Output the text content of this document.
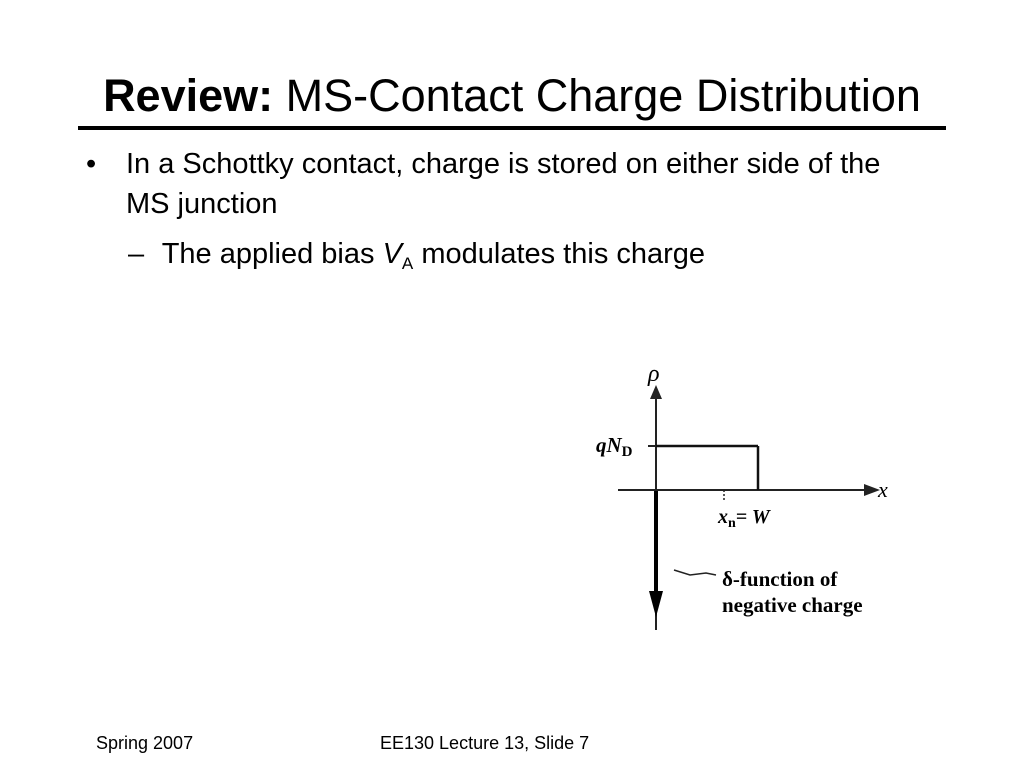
Review: MS-Contact Charge Distribution
• In a Schottky contact, charge is stored on either side of the MS junction
– The applied bias $V_A$ modulates this charge
ρ
x
qND
$x_n= W$
δ-function of
negative charge
Spring 2007	EE130 Lecture 13, Slide 7
